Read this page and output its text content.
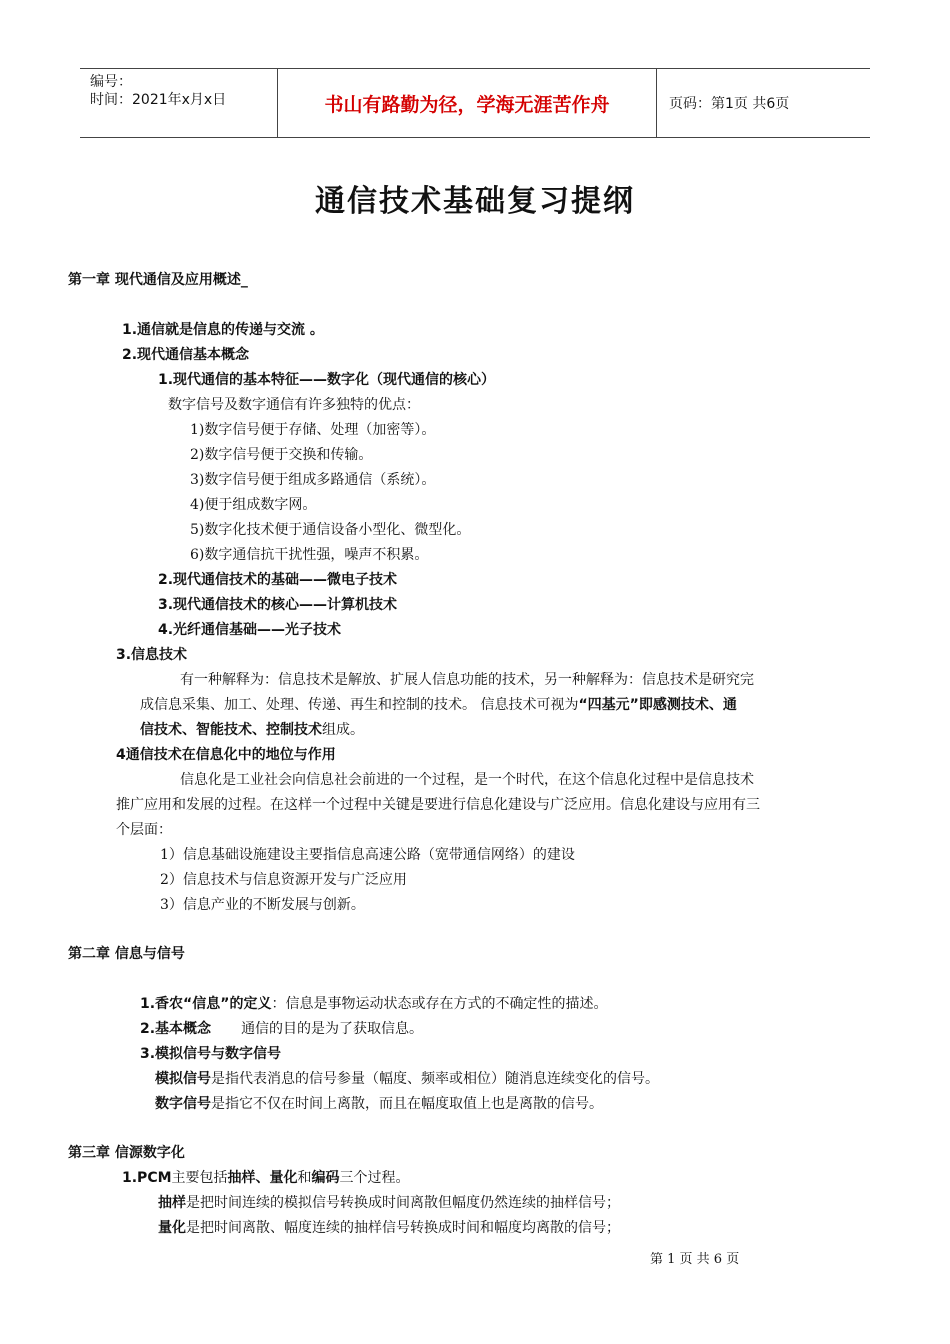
编号：
时间：2021年x月x日	书山有路勤为径，学海无涯苦作舟	页码：第1页 共6页
通信技术基础复习提纲
第一章 现代通信及应用概述_
1.通信就是信息的传递与交流 。
2.现代通信基本概念
1.现代通信的基本特征——数字化（现代通信的核心）
数字信号及数字通信有许多独特的优点：
1)数字信号便于存储、处理（加密等）。
2)数字信号便于交换和传输。
3)数字信号便于组成多路通信（系统）。
4)便于组成数字网。
5)数字化技术便于通信设备小型化、微型化。
6)数字通信抗干扰性强，噪声不积累。
2.现代通信技术的基础——微电子技术
3.现代通信技术的核心——计算机技术
4.光纤通信基础——光子技术
3.信息技术
有一种解释为：信息技术是解放、扩展人信息功能的技术，另一种解释为：信息技术是研究完
成信息采集、加工、处理、传递、再生和控制的技术。 信息技术可视为“四基元”即感测技术、通
信技术、智能技术、控制技术组成。
4通信技术在信息化中的地位与作用
信息化是工业社会向信息社会前进的一个过程，是一个时代，在这个信息化过程中是信息技术
推广应用和发展的过程。在这样一个过程中关键是要进行信息化建设与广泛应用。信息化建设与应用有三
个层面：
1）信息基础设施建设主要指信息高速公路（宽带通信网络）的建设
2）信息技术与信息资源开发与广泛应用
3）信息产业的不断发展与创新。
第二章 信息与信号
1.香农“信息”的定义：信息是事物运动状态或存在方式的不确定性的描述。
2.基本概念 通信的目的是为了获取信息。
3.模拟信号与数字信号
模拟信号是指代表消息的信号参量（幅度、频率或相位）随消息连续变化的信号。
数字信号是指它不仅在时间上离散，而且在幅度取值上也是离散的信号。
第三章 信源数字化
1.PCM主要包括抽样、量化和编码三个过程。
抽样是把时间连续的模拟信号转换成时间离散但幅度仍然连续的抽样信号；
量化是把时间离散、幅度连续的抽样信号转换成时间和幅度均离散的信号；
第 1 页 共 6 页
